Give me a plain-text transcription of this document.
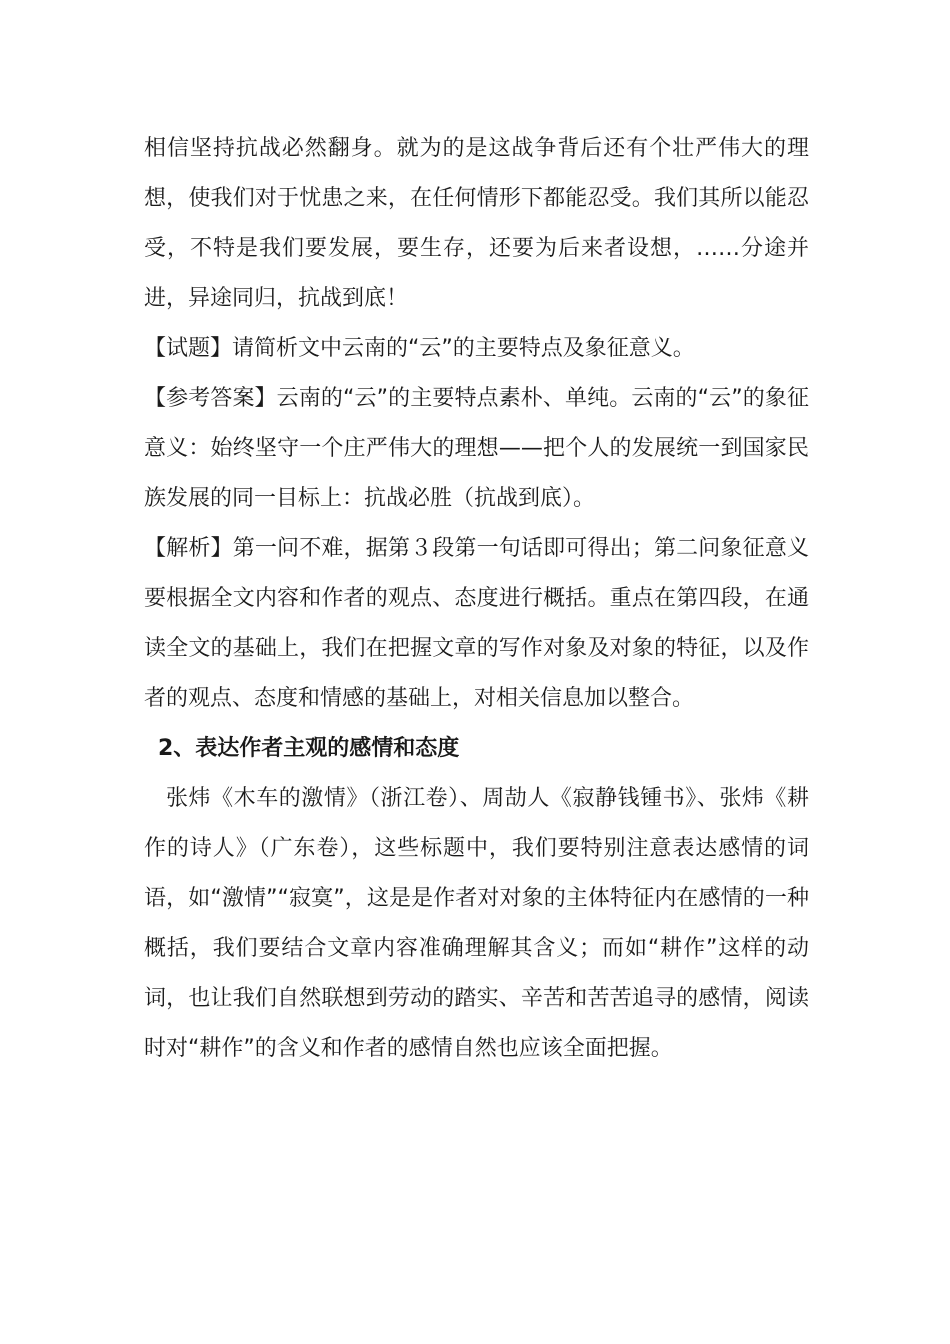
相信坚持抗战必然翻身。就为的是这战争背后还有个壮严伟大的理想，使我们对于忧患之来，在任何情形下都能忍受。我们其所以能忍受，不特是我们要发展，要生存，还要为后来者设想，……分途并进，异途同归，抗战到底！

【试题】请简析文中云南的“云”的主要特点及象征意义。

【参考答案】云南的“云”的主要特点素朴、单纯。云南的“云”的象征意义：始终坚守一个庄严伟大的理想——把个人的发展统一到国家民族发展的同一目标上：抗战必胜（抗战到底）。

【解析】第一问不难，据第３段第一句话即可得出；第二问象征意义要根据全文内容和作者的观点、态度进行概括。重点在第四段，在通读全文的基础上，我们在把握文章的写作对象及对象的特征，以及作者的观点、态度和情感的基础上，对相关信息加以整合。

2、表达作者主观的感情和态度

张炜《木车的激情》（浙江卷）、周劼人《寂静钱锺书》、张炜《耕作的诗人》（广东卷），这些标题中，我们要特别注意表达感情的词语，如“激情”“寂寞”，这是是作者对对象的主体特征内在感情的一种概括，我们要结合文章内容准确理解其含义；而如“耕作”这样的动词，也让我们自然联想到劳动的踏实、辛苦和苦苦追寻的感情，阅读时对“耕作”的含义和作者的感情自然也应该全面把握。
